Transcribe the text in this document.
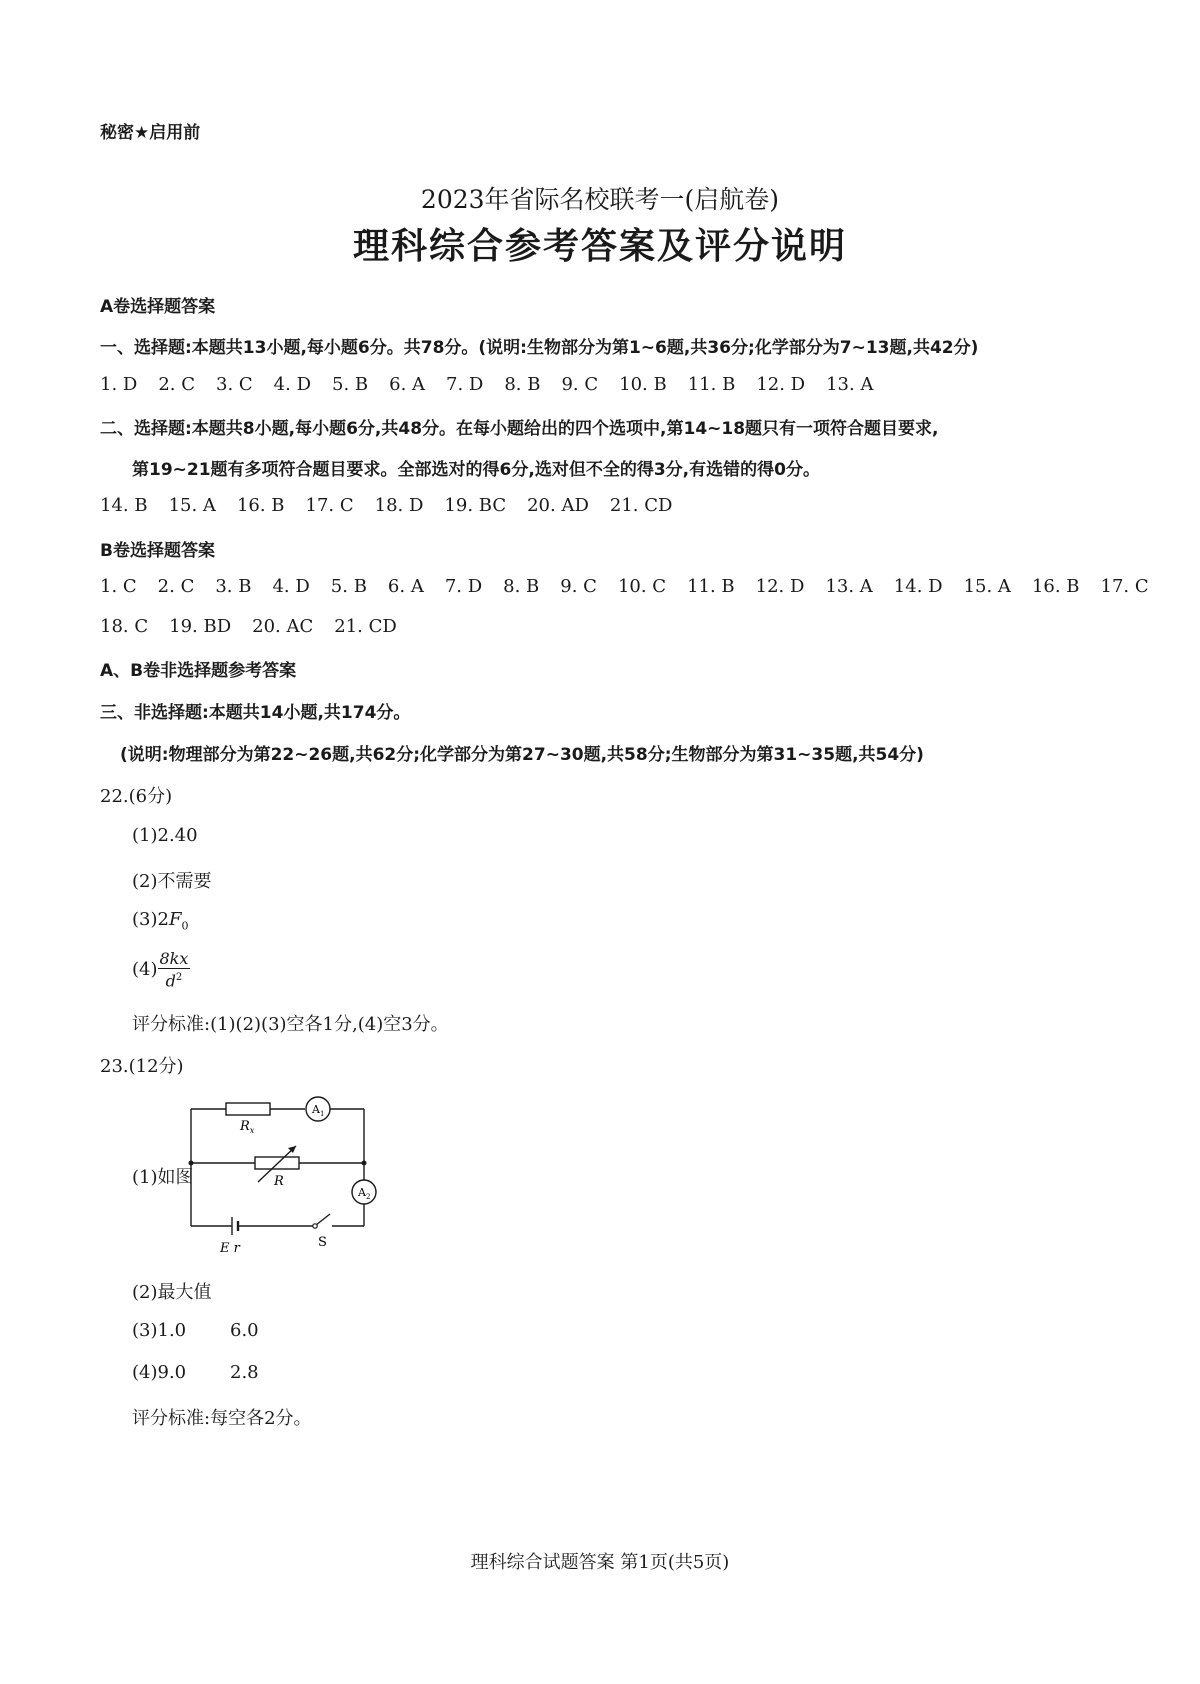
秘密★启用前
2023年省际名校联考一(启航卷)
理科综合参考答案及评分说明
A卷选择题答案
一、选择题:本题共13小题,每小题6分。共78分。(说明:生物部分为第1~6题,共36分;化学部分为7~13题,共42分)
1. D 2. C 3. C 4. D 5. B 6. A 7. D 8. B 9. C 10. B 11. B 12. D 13. A
二、选择题:本题共8小题,每小题6分,共48分。在每小题给出的四个选项中,第14~18题只有一项符合题目要求,
第19~21题有多项符合题目要求。全部选对的得6分,选对但不全的得3分,有选错的得0分。
14. B 15. A 16. B 17. C 18. D 19. BC 20. AD 21. CD
B卷选择题答案
1. C 2. C 3. B 4. D 5. B 6. A 7. D 8. B 9. C 10. C 11. B 12. D 13. A 14. D 15. A 16. B 17. C
18. C 19. BD 20. AC 21. CD
A、B卷非选择题参考答案
三、非选择题:本题共14小题,共174分。
(说明:物理部分为第22~26题,共62分;化学部分为第27~30题,共58分;生物部分为第31~35题,共54分)
22.(6分)
(1)2.40
(2)不需要
$(3)2F_0$
$(4) \frac{8kx}{d^2}$
评分标准:(1)(2)(3)空各1分,(4)空3分。
23.(12分)
(1)如图
$R_x$
$A_1$
R
$A_2$
E r	S
(2)最大值
(3)1.0 6.0
(4)9.0 2.8
评分标准:每空各2分。
理科综合试题答案 第1页(共5页)
